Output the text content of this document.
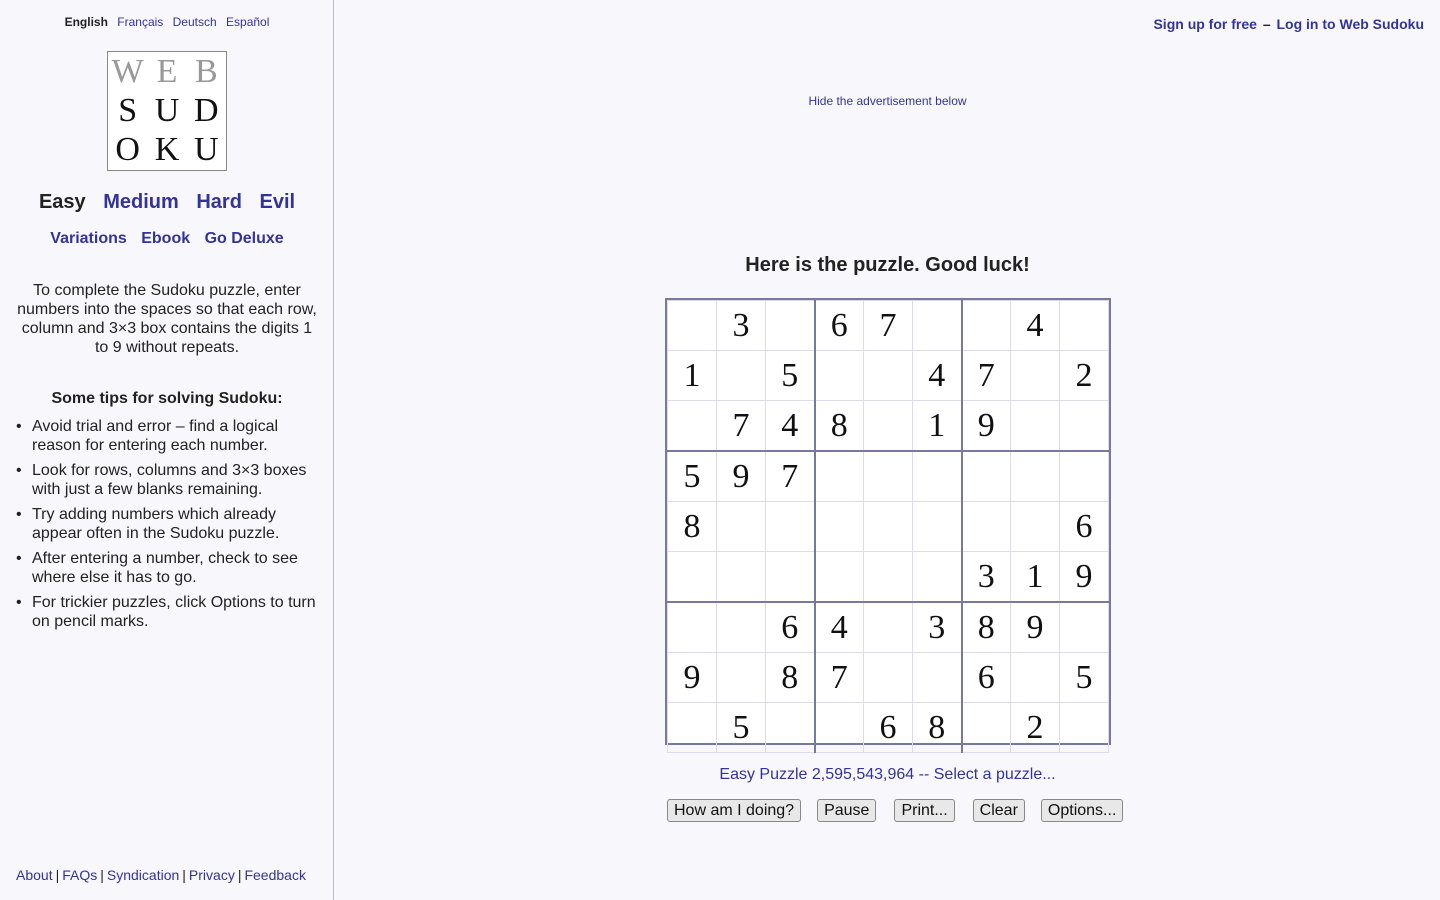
English Français Deutsch Español
W E B
S U D
O K U
Easy Medium Hard Evil
Variations Ebook Go Deluxe
To complete the Sudoku puzzle, enter numbers into the spaces so that each row, column and 3×3 box contains the digits 1 to 9 without repeats.
Some tips for solving Sudoku:
• Avoid trial and error – find a logical reason for entering each number.
• Look for rows, columns and 3×3 boxes with just a few blanks remaining.
• Try adding numbers which already appear often in the Sudoku puzzle.
• After entering a number, check to see where else it has to go.
• For trickier puzzles, click Options to turn on pencil marks.
About | FAQs | Syndication | Privacy | Feedback
Sign up for free – Log in to Web Sudoku
Hide the advertisement below
Here is the puzzle. Good luck!
	3		6	7			4	
1		5			4	7		2
	7	4	8		1	9		
5	9	7						
8								6
						3	1	9
		6	4		3	8	9	
9		8	7			6		5
	5			6	8		2	
Easy Puzzle 2,595,543,964 -- Select a puzzle...
How am I doing?	Pause	Print...	Clear	Options...
